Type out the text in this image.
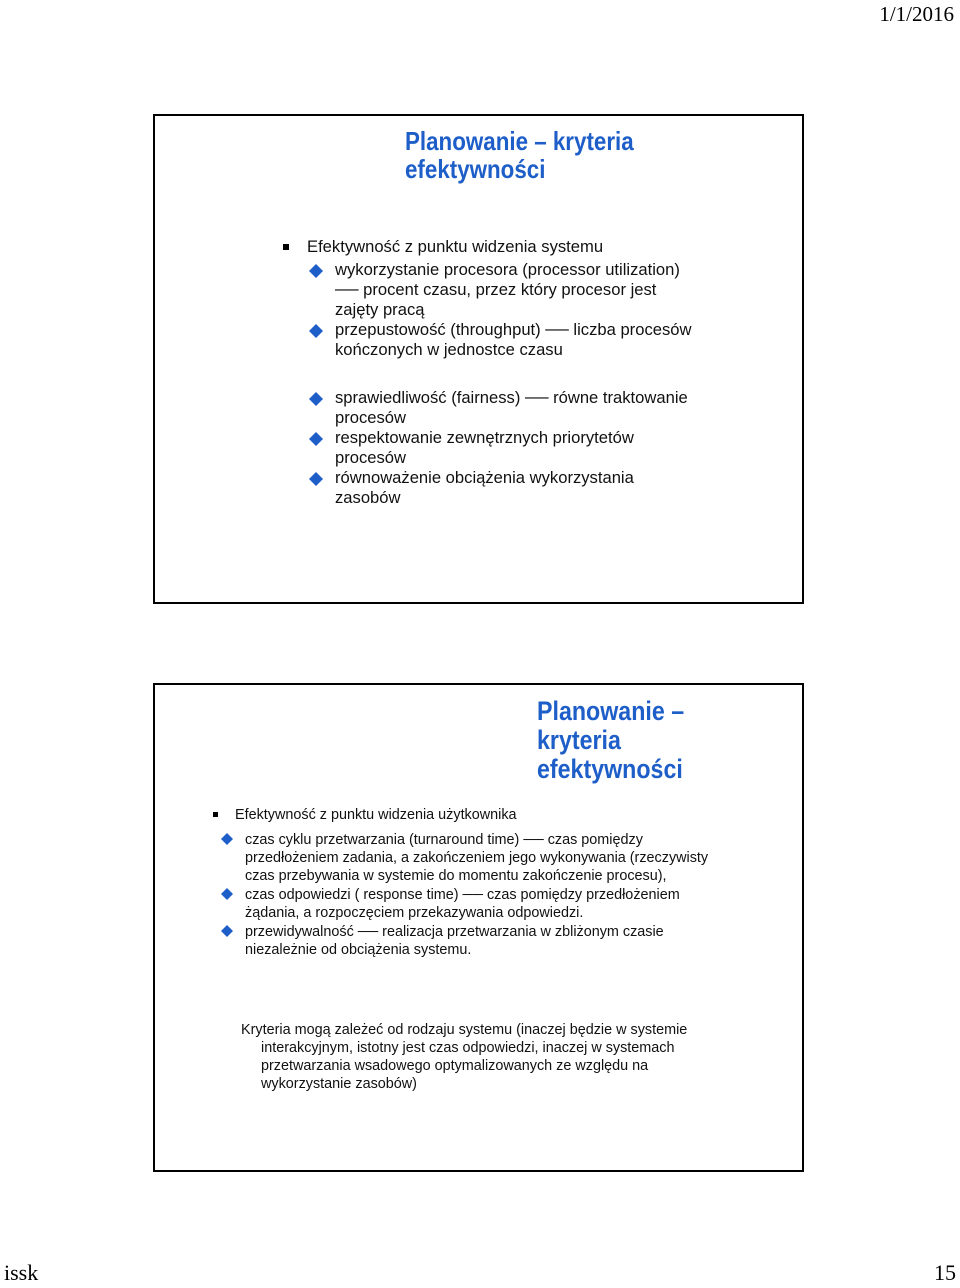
1/1/2016
Planowanie – kryteria
efektywności
Efektywność z punktu widzenia systemu
wykorzystanie procesora (processor utilization) ── procent czasu, przez który procesor jest zajęty pracą
przepustowość (throughput) ── liczba procesów kończonych w jednostce czasu
sprawiedliwość (fairness) ── równe traktowanie procesów
respektowanie zewnętrznych priorytetów procesów
równoważenie obciążenia wykorzystania zasobów
Planowanie –
kryteria efektywności
Efektywność z punktu widzenia użytkownika
czas cyklu przetwarzania (turnaround time) ── czas pomiędzy przedłożeniem zadania, a zakończeniem jego wykonywania (rzeczywisty czas przebywania w systemie do momentu zakończenie procesu),
czas odpowiedzi ( response time) ── czas pomiędzy przedłożeniem żądania, a rozpoczęciem przekazywania odpowiedzi.
przewidywalność ── realizacja przetwarzania w zbliżonym czasie niezależnie od obciążenia systemu.
Kryteria mogą zależeć od rodzaju systemu (inaczej będzie w systemie interakcyjnym, istotny jest czas odpowiedzi, inaczej w systemach przetwarzania wsadowego optymalizowanych ze względu na wykorzystanie zasobów)
issk	15
